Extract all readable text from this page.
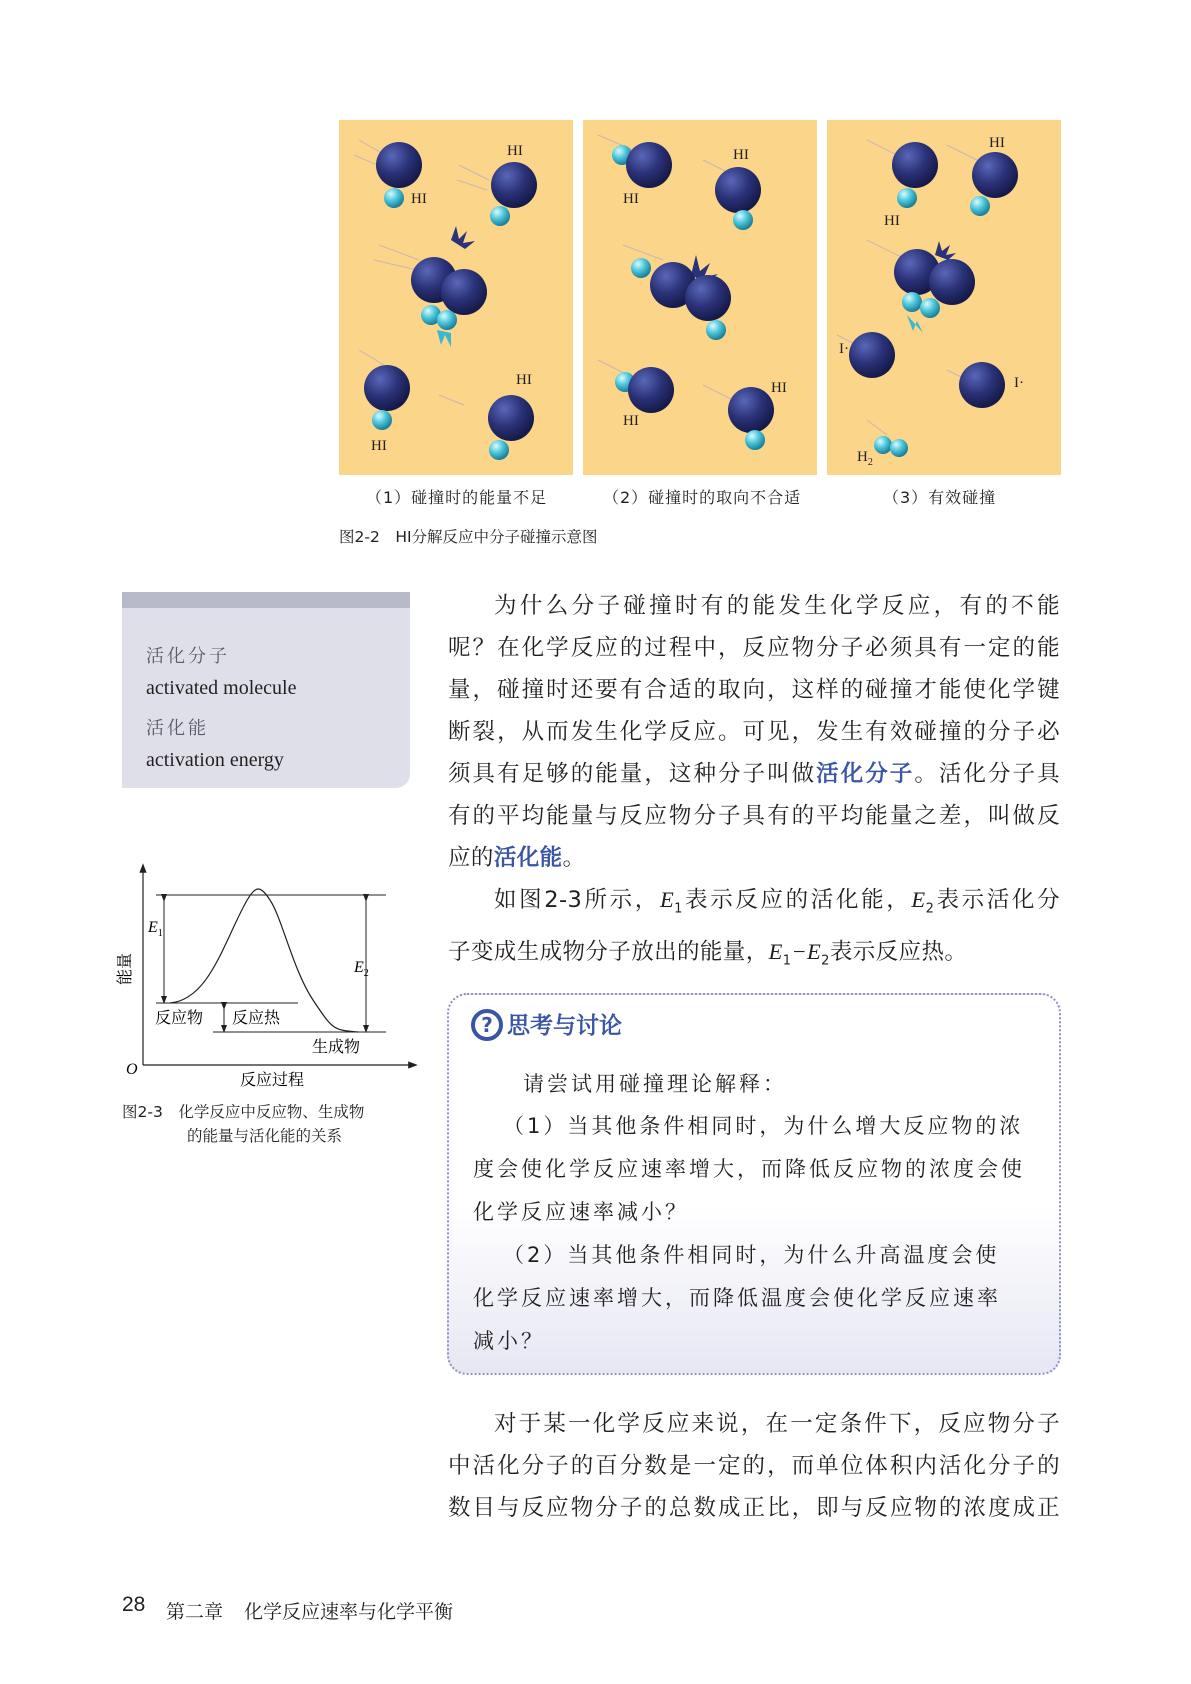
HI
HI
HI
HI
HI
HI
HI
HI
HI
HI
I·
I·
$H_2$
（1）碰撞时的能量不足	（2）碰撞时的取向不合适	（3）有效碰撞
图2-2　HI分解反应中分子碰撞示意图
活化分子
activated molecule
活化能
activation energy
$E_1$
$E_2$
反应物 反应热
生成物
O
反应过程
能量
图2-3　化学反应中反应物、生成物
的能量与活化能的关系
为什么分子碰撞时有的能发生化学反应，有的不能
呢？在化学反应的过程中，反应物分子必须具有一定的能
量，碰撞时还要有合适的取向，这样的碰撞才能使化学键
断裂，从而发生化学反应。可见，发生有效碰撞的分子必
须具有足够的能量，这种分子叫做活化分子。活化分子具
有的平均能量与反应物分子具有的平均能量之差，叫做反
应的活化能。
如图2-3所示，$E_1$表示反应的活化能，$E_2$表示活化分
子变成生成物分子放出的能量，$E_1-E_2$表示反应热。
? 思考与讨论
请尝试用碰撞理论解释：
（1）当其他条件相同时，为什么增大反应物的浓
度会使化学反应速率增大，而降低反应物的浓度会使
化学反应速率减小？
（2）当其他条件相同时，为什么升高温度会使
化学反应速率增大，而降低温度会使化学反应速率
减小？
对于某一化学反应来说，在一定条件下，反应物分子
中活化分子的百分数是一定的，而单位体积内活化分子的
数目与反应物分子的总数成正比，即与反应物的浓度成正
28 第二章 化学反应速率与化学平衡
